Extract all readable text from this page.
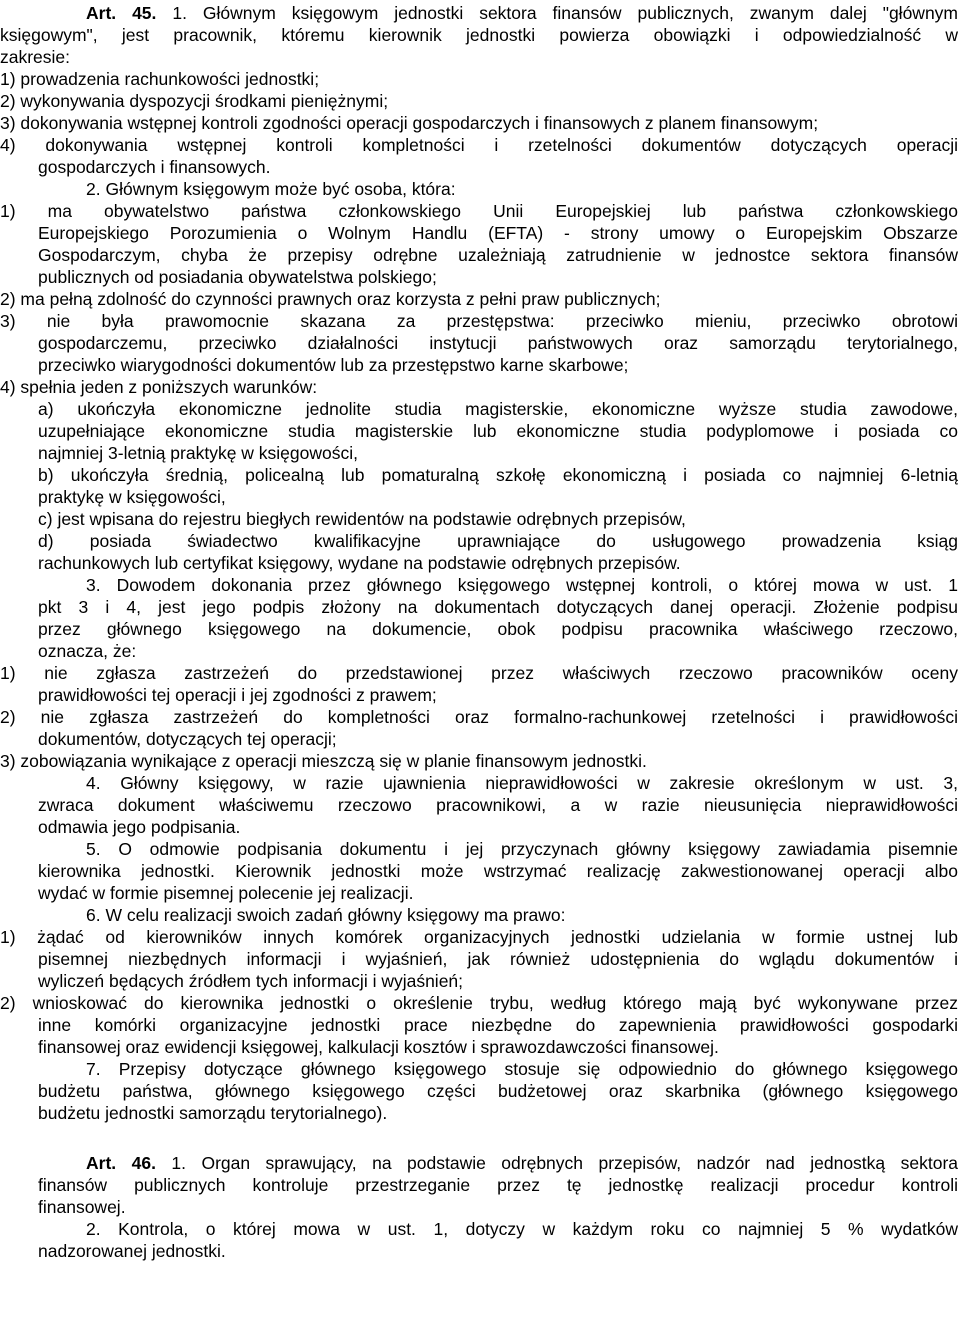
Art. 45. 1. Głównym księgowym jednostki sektora finansów publicznych, zwanym dalej "głównym
księgowym", jest pracownik, któremu kierownik jednostki powierza obowiązki i odpowiedzialność w
zakresie:
1) prowadzenia rachunkowości jednostki;
2) wykonywania dyspozycji środkami pieniężnymi;
3) dokonywania wstępnej kontroli zgodności operacji gospodarczych i finansowych z planem finansowym;
4) dokonywania wstępnej kontroli kompletności i rzetelności dokumentów dotyczących operacji
gospodarczych i finansowych.
2. Głównym księgowym może być osoba, która:
1) ma obywatelstwo państwa członkowskiego Unii Europejskiej lub państwa członkowskiego
Europejskiego Porozumienia o Wolnym Handlu (EFTA) - strony umowy o Europejskim Obszarze
Gospodarczym, chyba że przepisy odrębne uzależniają zatrudnienie w jednostce sektora finansów
publicznych od posiadania obywatelstwa polskiego;
2) ma pełną zdolność do czynności prawnych oraz korzysta z pełni praw publicznych;
3) nie była prawomocnie skazana za przestępstwa: przeciwko mieniu, przeciwko obrotowi
gospodarczemu, przeciwko działalności instytucji państwowych oraz samorządu terytorialnego,
przeciwko wiarygodności dokumentów lub za przestępstwo karne skarbowe;
4) spełnia jeden z poniższych warunków:
a) ukończyła ekonomiczne jednolite studia magisterskie, ekonomiczne wyższe studia zawodowe,
uzupełniające ekonomiczne studia magisterskie lub ekonomiczne studia podyplomowe i posiada co
najmniej 3-letnią praktykę w księgowości,
b) ukończyła średnią, policealną lub pomaturalną szkołę ekonomiczną i posiada co najmniej 6-letnią
praktykę w księgowości,
c) jest wpisana do rejestru biegłych rewidentów na podstawie odrębnych przepisów,
d) posiada świadectwo kwalifikacyjne uprawniające do usługowego prowadzenia ksiąg
rachunkowych lub certyfikat księgowy, wydane na podstawie odrębnych przepisów.
3. Dowodem dokonania przez głównego księgowego wstępnej kontroli, o której mowa w ust. 1
pkt 3 i 4, jest jego podpis złożony na dokumentach dotyczących danej operacji. Złożenie podpisu
przez głównego księgowego na dokumencie, obok podpisu pracownika właściwego rzeczowo,
oznacza, że:
1) nie zgłasza zastrzeżeń do przedstawionej przez właściwych rzeczowo pracowników oceny
prawidłowości tej operacji i jej zgodności z prawem;
2) nie zgłasza zastrzeżeń do kompletności oraz formalno-rachunkowej rzetelności i prawidłowości
dokumentów, dotyczących tej operacji;
3) zobowiązania wynikające z operacji mieszczą się w planie finansowym jednostki.
4. Główny księgowy, w razie ujawnienia nieprawidłowości w zakresie określonym w ust. 3,
zwraca dokument właściwemu rzeczowo pracownikowi, a w razie nieusunięcia nieprawidłowości
odmawia jego podpisania.
5. O odmowie podpisania dokumentu i jej przyczynach główny księgowy zawiadamia pisemnie
kierownika jednostki. Kierownik jednostki może wstrzymać realizację zakwestionowanej operacji albo
wydać w formie pisemnej polecenie jej realizacji.
6. W celu realizacji swoich zadań główny księgowy ma prawo:
1) żądać od kierowników innych komórek organizacyjnych jednostki udzielania w formie ustnej lub
pisemnej niezbędnych informacji i wyjaśnień, jak również udostępnienia do wglądu dokumentów i
wyliczeń będących źródłem tych informacji i wyjaśnień;
2) wnioskować do kierownika jednostki o określenie trybu, według którego mają być wykonywane przez
inne komórki organizacyjne jednostki prace niezbędne do zapewnienia prawidłowości gospodarki
finansowej oraz ewidencji księgowej, kalkulacji kosztów i sprawozdawczości finansowej.
7. Przepisy dotyczące głównego księgowego stosuje się odpowiednio do głównego księgowego
budżetu państwa, głównego księgowego części budżetowej oraz skarbnika (głównego księgowego
budżetu jednostki samorządu terytorialnego).
Art. 46. 1. Organ sprawujący, na podstawie odrębnych przepisów, nadzór nad jednostką sektora
finansów publicznych kontroluje przestrzeganie przez tę jednostkę realizacji procedur kontroli
finansowej.
2. Kontrola, o której mowa w ust. 1, dotyczy w każdym roku co najmniej 5 % wydatków
nadzorowanej jednostki.
